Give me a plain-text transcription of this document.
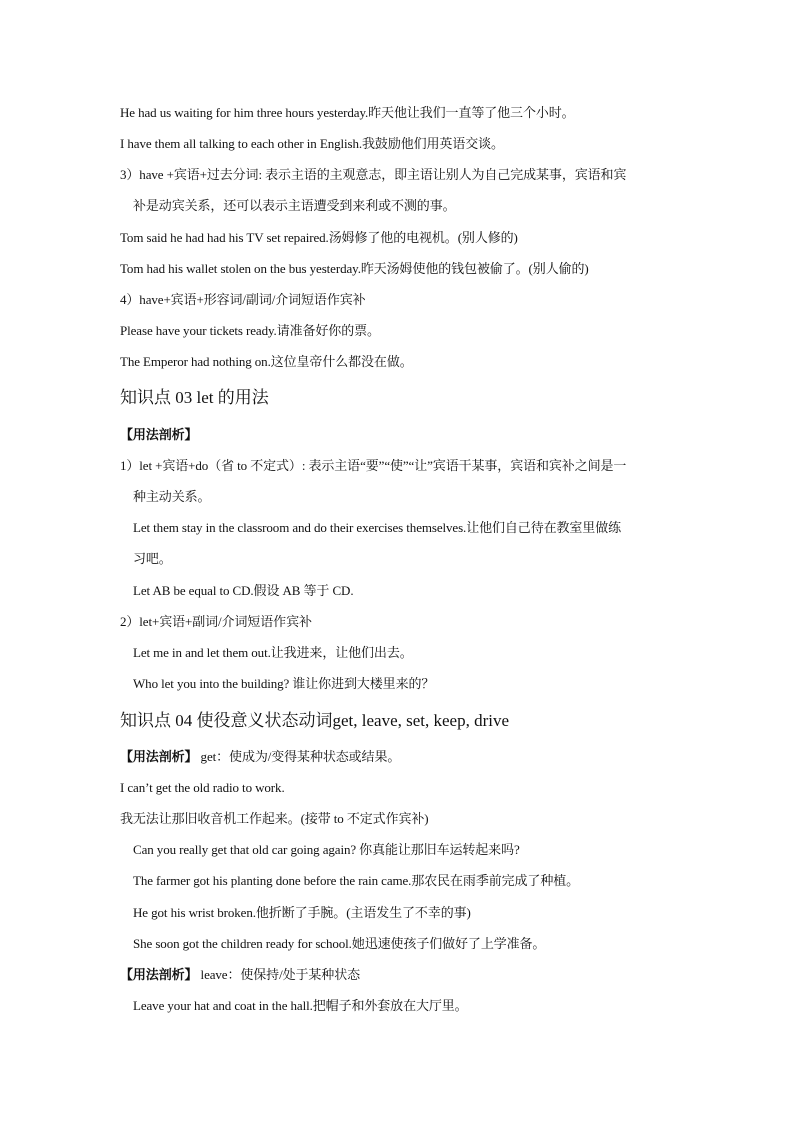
He had us waiting for him three hours yesterday.昨天他让我们一直等了他三个小时。
I have them all talking to each other in English.我鼓励他们用英语交谈。
3）have +宾语+过去分词: 表示主语的主观意志，即主语让别人为自己完成某事，宾语和宾
补是动宾关系，还可以表示主语遭受到来利或不测的事。
Tom said he had had his TV set repaired.汤姆修了他的电视机。(别人修的)
Tom had his wallet stolen on the bus yesterday.昨天汤姆使他的钱包被偷了。(别人偷的)
4）have+宾语+形容词/副词/介词短语作宾补
Please have your tickets ready.请准备好你的票。
The Emperor had nothing on.这位皇帝什么都没在做。
知识点 03 let 的用法
【用法剖析】
1）let +宾语+do（省 to 不定式）: 表示主语“要”“使”“让”宾语干某事，宾语和宾补之间是一
种主动关系。
Let them stay in the classroom and do their exercises themselves.让他们自己待在教室里做练
习吧。
Let AB be equal to CD.假设 AB 等于 CD.
2）let+宾语+副词/介词短语作宾补
Let me in and let them out.让我进来，让他们出去。
Who let you into the building? 谁让你进到大楼里来的？
知识点 04 使役意义状态动词get, leave, set, keep, drive
【用法剖析】 get：使成为/变得某种状态或结果。
I can’t get the old radio to work.
我无法让那旧收音机工作起来。(接带 to 不定式作宾补)
Can you really get that old car going again? 你真能让那旧车运转起来吗?
The farmer got his planting done before the rain came.那农民在雨季前完成了种植。
He got his wrist broken.他折断了手腕。(主语发生了不幸的事)
She soon got the children ready for school.她迅速使孩子们做好了上学准备。
【用法剖析】 leave：使保持/处于某种状态
Leave your hat and coat in the hall.把帽子和外套放在大厅里。
